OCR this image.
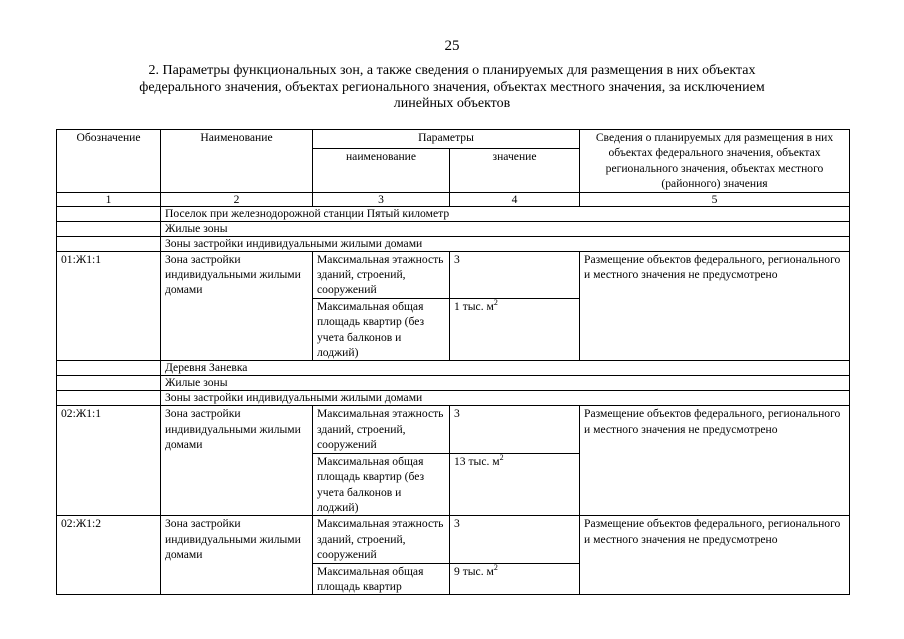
25
2. Параметры функциональных зон, а также сведения о планируемых для размещения в них объектах
федерального значения, объектах регионального значения, объектах местного значения, за исключением
линейных объектов
Обозначение	Наименование	Параметры		Сведения о планируемых для размещения в них объектах федерального значения, объектах регионального значения, объектах местного (районного) значения
		наименование	значение	
1	2	3	4	5
	Поселок при железнодорожной станции Пятый километр			
	Жилые зоны			
	Зоны застройки индивидуальными жилыми домами			
01:Ж1:1	Зона застройки индивидуальными жилыми домами	Максимальная этажность зданий, строений, сооружений	3	Размещение объектов федерального, регионального и местного значения не предусмотрено
		Максимальная общая площадь квартир (без учета балконов и лоджий)	1 тыс. $м^2$
	Деревня Заневка			
	Жилые зоны			
	Зоны застройки индивидуальными жилыми домами			
02:Ж1:1	Зона застройки индивидуальными жилыми домами	Максимальная этажность зданий, строений, сооружений	3	Размещение объектов федерального, регионального и местного значения не предусмотрено
		Максимальная общая площадь квартир (без учета балконов и лоджий)	13 тыс. $м^2$
02:Ж1:2	Зона застройки индивидуальными жилыми домами	Максимальная этажность зданий, строений, сооружений	3	Размещение объектов федерального, регионального и местного значения не предусмотрено
		Максимальная общая площадь квартир	9 тыс. $м^2$
